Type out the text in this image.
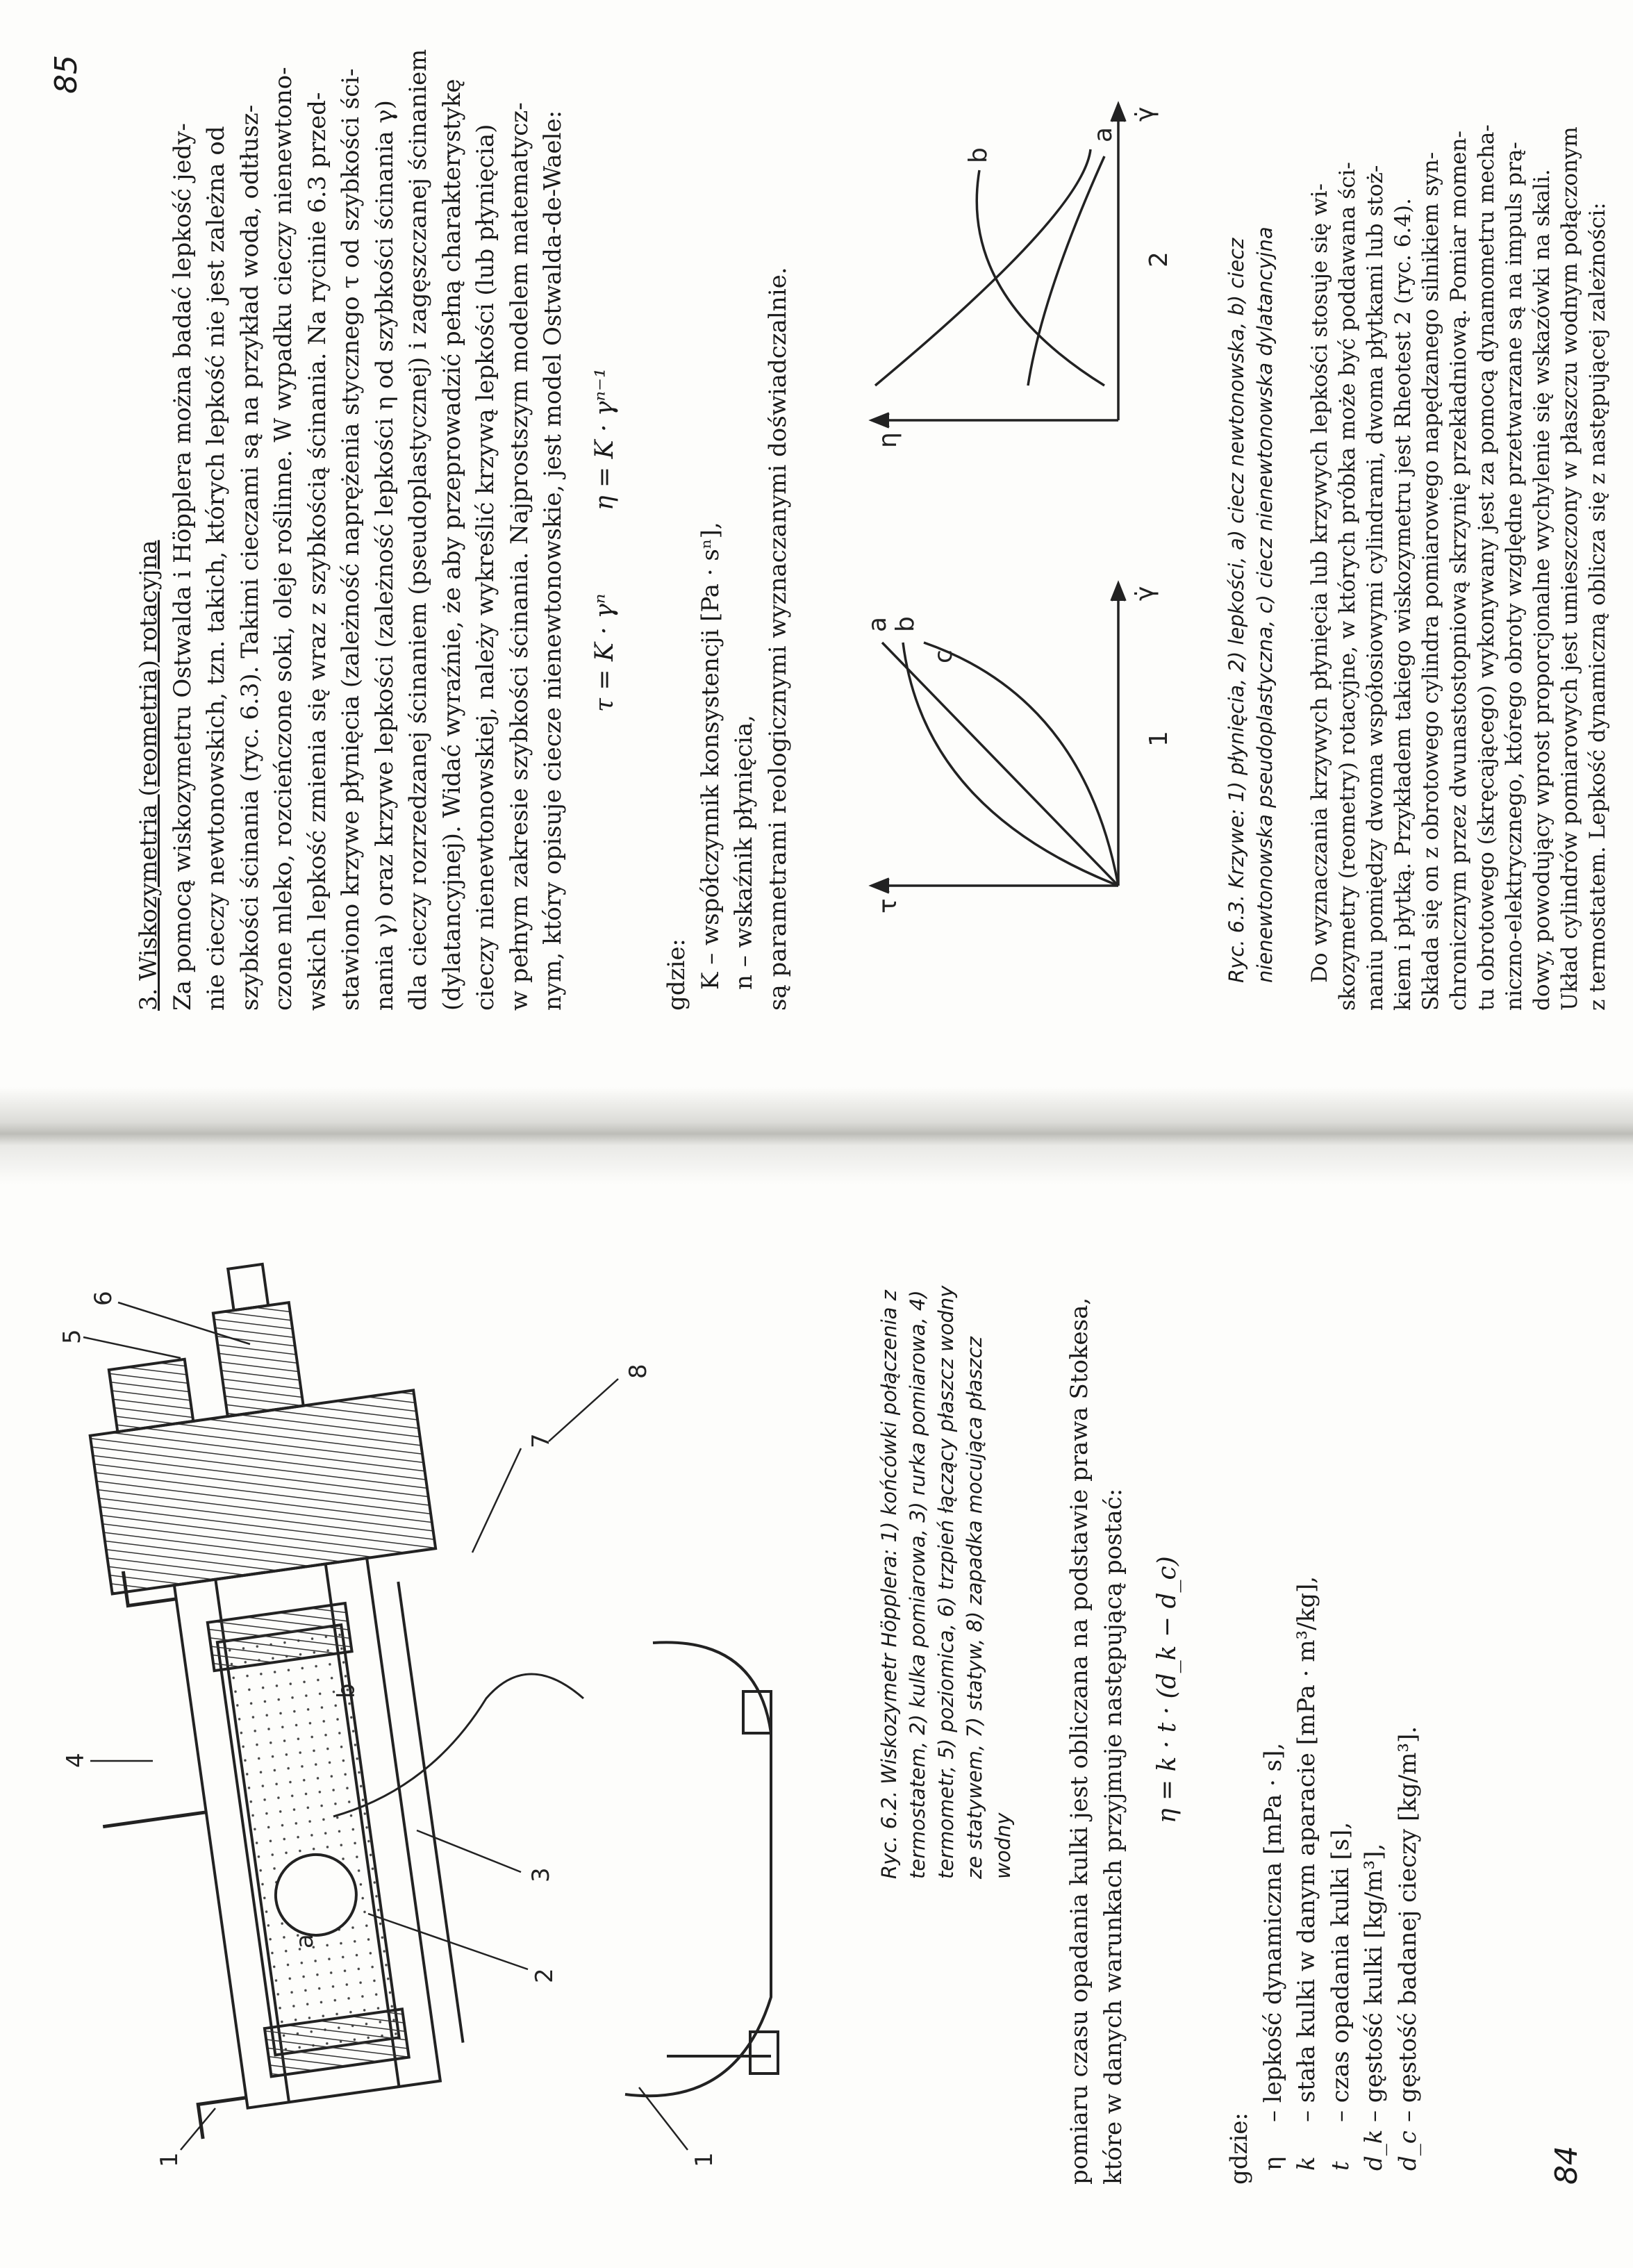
1
2
3
4
5
6
7
8
1
a
b	Ryc. 6.2. Wiskozymetr Höpplera: 1) końcówki połączenia z termostatem, 2) kulka pomiarowa, 3) rurka pomiarowa, 4) termometr, 5) poziomica, 6) trzpień łączący płaszcz wodny ze statywem, 7) statyw, 8) zapadka mocująca płaszcz wodny pomiaru czasu opadania kulki jest obliczana na podstawie prawa Stokesa, które w danych warunkach przyjmuje następującą postać: η = k · t · (d_k − d_c)
gdzie: η– lepkość dynamiczna [mPa · s],
k– stała kulki w danym aparacie [mPa · m³/kg],
t– czas opadania kulki [s],
d_k– gęstość kulki [kg/m³],
d_c– gęstość badanej cieczy [kg/m³].
84
3. Wiskozymetria (reometria) rotacyjna Za pomocą wiskozymetru Ostwalda i Höpplera można badać lepkość jedy- nie cieczy newtonowskich, tzn. takich, których lepkość nie jest zależna od szybkości ścinania (ryc. 6.3). Takimi cieczami są na przykład woda, odtłusz- czone mleko, rozcieńczone soki, oleje roślinne. W wypadku cieczy nienewtono- wskich lepkość zmienia się wraz z szybkością ścinania. Na rycinie 6.3 przed- stawiono krzywe płynięcia (zależność naprężenia stycznego τ od szybkości ści- nania γ) oraz krzywe lepkości (zależność lepkości η od szybkości ścinania γ) dla cieczy rozrzedzanej ścinaniem (pseudoplastycznej) i zagęszczanej ścinaniem (dylatancyjnej). Widać wyraźnie, że aby przeprowadzić pełną charakterystykę cieczy nienewtonowskiej, należy wykreślić krzywą lepkości (lub płynięcia) w pełnym zakresie szybkości ścinania. Najprostszym modelem matematycz- nym, który opisuje ciecze nienewtonowskie, jest model Ostwalda-de-Waele: τ = K · γⁿ
η = K · γⁿ⁻¹
gdzie: K – współczynnik konsystencji [Pa · sⁿ], n – wskaźnik płynięcia, są parametrami reologicznymi wyznaczanymi doświadczalnie.	τ
γ̇
1
a b
c
η
γ̇
2
a
b
Ryc. 6.3. Krzywe: 1) płynięcia, 2) lepkości, a) ciecz newtonowska, b) ciecz nienewtonowska pseudoplastyczna, c) ciecz nienewtonowska dylatancyjna Do wyznaczania krzywych płynięcia lub krzywych lepkości stosuje się wi- skozymetry (reometry) rotacyjne, w których próbka może być poddawana ści- naniu pomiędzy dwoma współosiowymi cylindrami, dwoma płytkami lub stoż- kiem i płytką. Przykładem takiego wiskozymetru jest Rheotest 2 (ryc. 6.4). Składa się on z obrotowego cylindra pomiarowego napędzanego silnikiem syn- chronicznym przez dwunastostopniową skrzynię przekładniową. Pomiar momen- tu obrotowego (skręcającego) wykonywany jest za pomocą dynamometru mecha- niczno-elektrycznego, którego obroty względne przetwarzane są na impuls prą- dowy, powodujący wprost proporcjonalne wychylenie się wskazówki na skali. Układ cylindrów pomiarowych jest umieszczony w płaszczu wodnym połączonym z termostatem. Lepkość dynamiczną oblicza się z następującej zależności:
85
